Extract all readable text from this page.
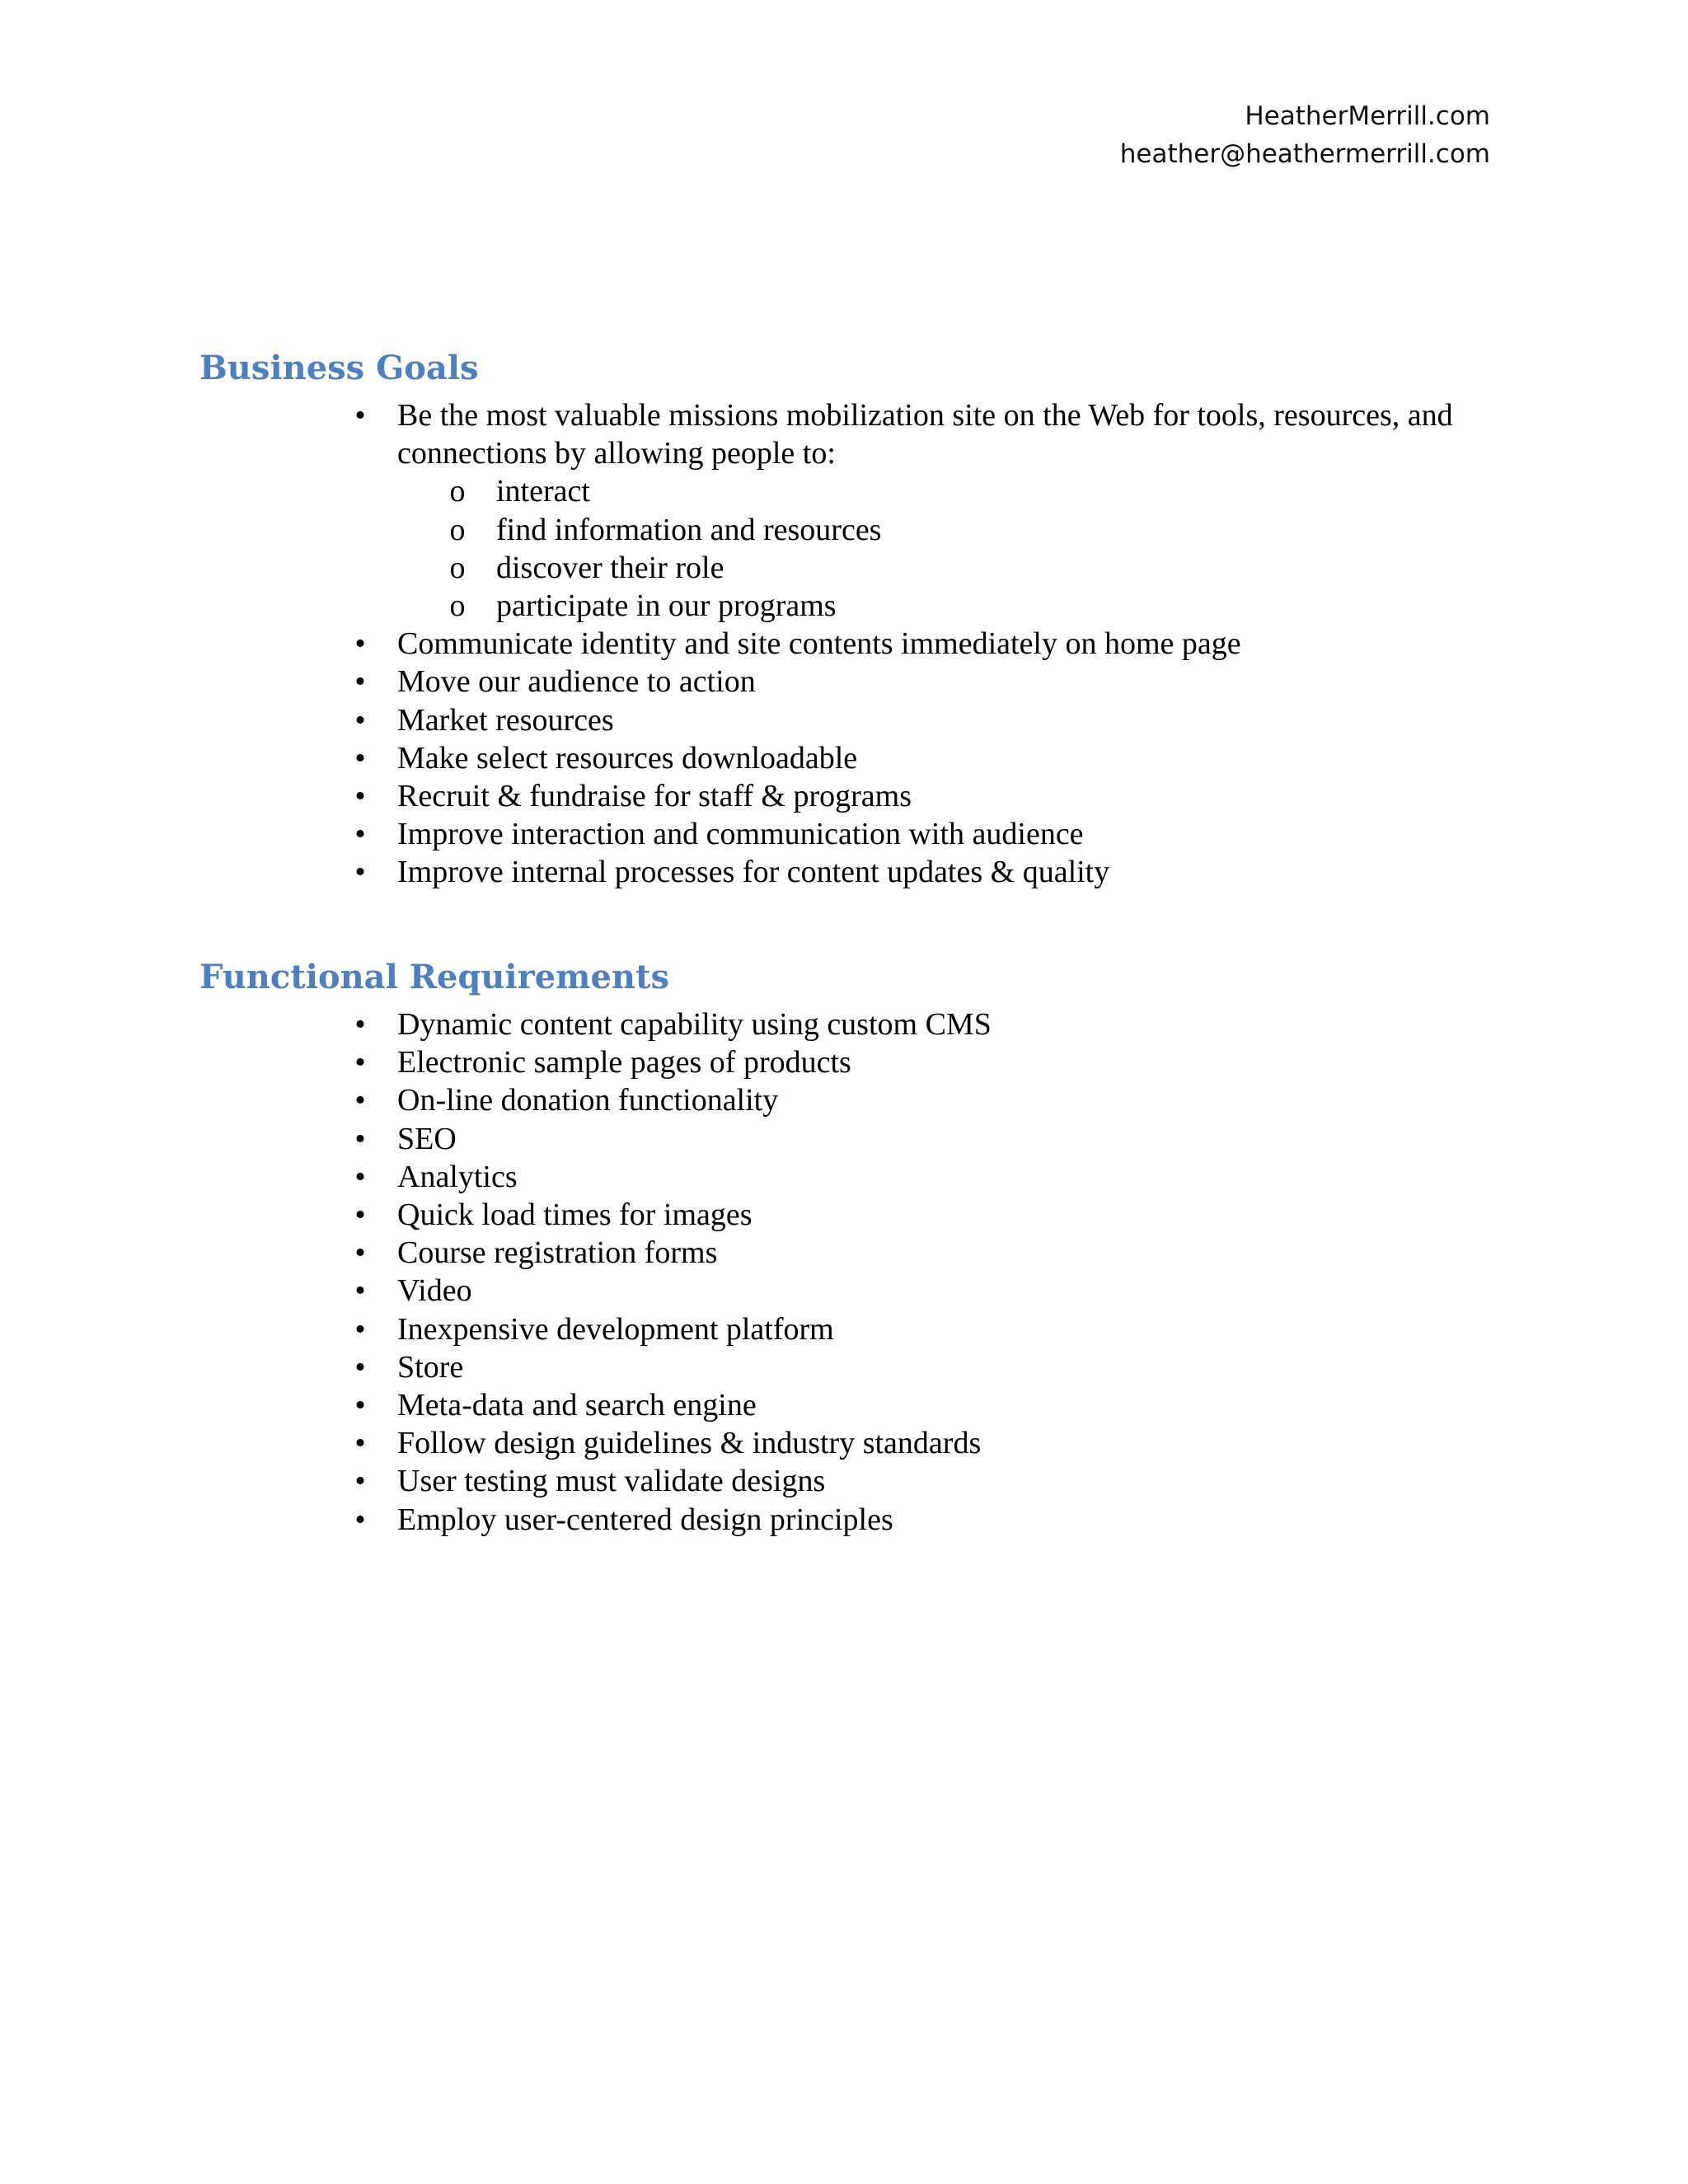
HeatherMerrill.com
heather@heathermerrill.com
Business Goals
• Be the most valuable missions mobilization site on the Web for tools, resources, and connections by allowing people to:
o interact
o find information and resources
o discover their role
o participate in our programs
• Communicate identity and site contents immediately on home page
• Move our audience to action
• Market resources
• Make select resources downloadable
• Recruit & fundraise for staff & programs
• Improve interaction and communication with audience
• Improve internal processes for content updates & quality
Functional Requirements
• Dynamic content capability using custom CMS
• Electronic sample pages of products
• On-line donation functionality
• SEO
• Analytics
• Quick load times for images
• Course registration forms
• Video
• Inexpensive development platform
• Store
• Meta-data and search engine
• Follow design guidelines & industry standards
• User testing must validate designs
• Employ user-centered design principles
